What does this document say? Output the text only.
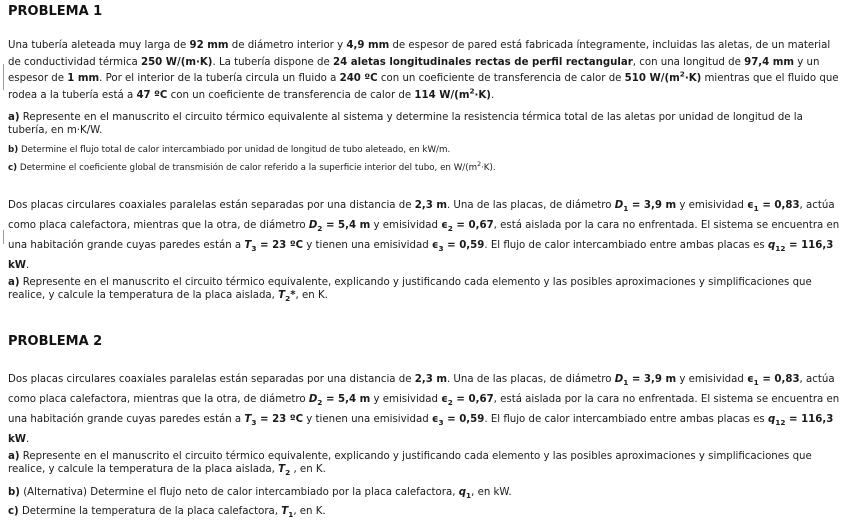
PROBLEMA 1

Una tubería aleteada muy larga de 92 mm de diámetro interior y 4,9 mm de espesor de pared está fabricada íntegramente, incluidas las aletas, de un material de conductividad térmica 250 W/(m·K). La tubería dispone de 24 aletas longitudinales rectas de perfil rectangular, con una longitud de 97,4 mm y un espesor de 1 mm. Por el interior de la tubería circula un fluido a 240 ºC con un coeficiente de transferencia de calor de 510 $W/(m^2\cdot K)$ mientras que el fluido que rodea a la tubería está a 47 ºC con un coeficiente de transferencia de calor de 114 $W/(m^2\cdot K)$.

a) Represente en el manuscrito el circuito térmico equivalente al sistema y determine la resistencia térmica total de las aletas por unidad de longitud de la tubería, en m·K/W.

b) Determine el flujo total de calor intercambiado por unidad de longitud de tubo aleteado, en kW/m.

c) Determine el coeficiente global de transmisión de calor referido a la superficie interior del tubo, en $W/(m^2\cdot K)$.

Dos placas circulares coaxiales paralelas están separadas por una distancia de 2,3 m. Una de las placas, de diámetro $D_1 = 3,9$ m y emisividad $\epsilon_1 = 0,83$, actúa como placa calefactora, mientras que la otra, de diámetro $D_2 = 5,4$ m y emisividad $\epsilon_2 = 0,67$, está aislada por la cara no enfrentada. El sistema se encuentra en una habitación grande cuyas paredes están a $T_3 = 23$ ºC y tienen una emisividad $\epsilon_3 = 0,59$. El flujo de calor intercambiado entre ambas placas es $q_{12} = 116,3$ kW.

a) Represente en el manuscrito el circuito térmico equivalente, explicando y justificando cada elemento y las posibles aproximaciones y simplificaciones que realice, y calcule la temperatura de la placa aislada, $T_2*$, en K.

PROBLEMA 2

Dos placas circulares coaxiales paralelas están separadas por una distancia de 2,3 m. Una de las placas, de diámetro $D_1 = 3,9$ m y emisividad $\epsilon_1 = 0,83$, actúa como placa calefactora, mientras que la otra, de diámetro $D_2 = 5,4$ m y emisividad $\epsilon_2 = 0,67$, está aislada por la cara no enfrentada. El sistema se encuentra en una habitación grande cuyas paredes están a $T_3 = 23$ ºC y tienen una emisividad $\epsilon_3 = 0,59$. El flujo de calor intercambiado entre ambas placas es $q_{12} = 116,3$ kW.

a) Represente en el manuscrito el circuito térmico equivalente, explicando y justificando cada elemento y las posibles aproximaciones y simplificaciones que realice, y calcule la temperatura de la placa aislada, $T_2$ , en K.

b) (Alternativa) Determine el flujo neto de calor intercambiado por la placa calefactora, $q_1$, en kW.

c) Determine la temperatura de la placa calefactora, $T_1$, en K.
